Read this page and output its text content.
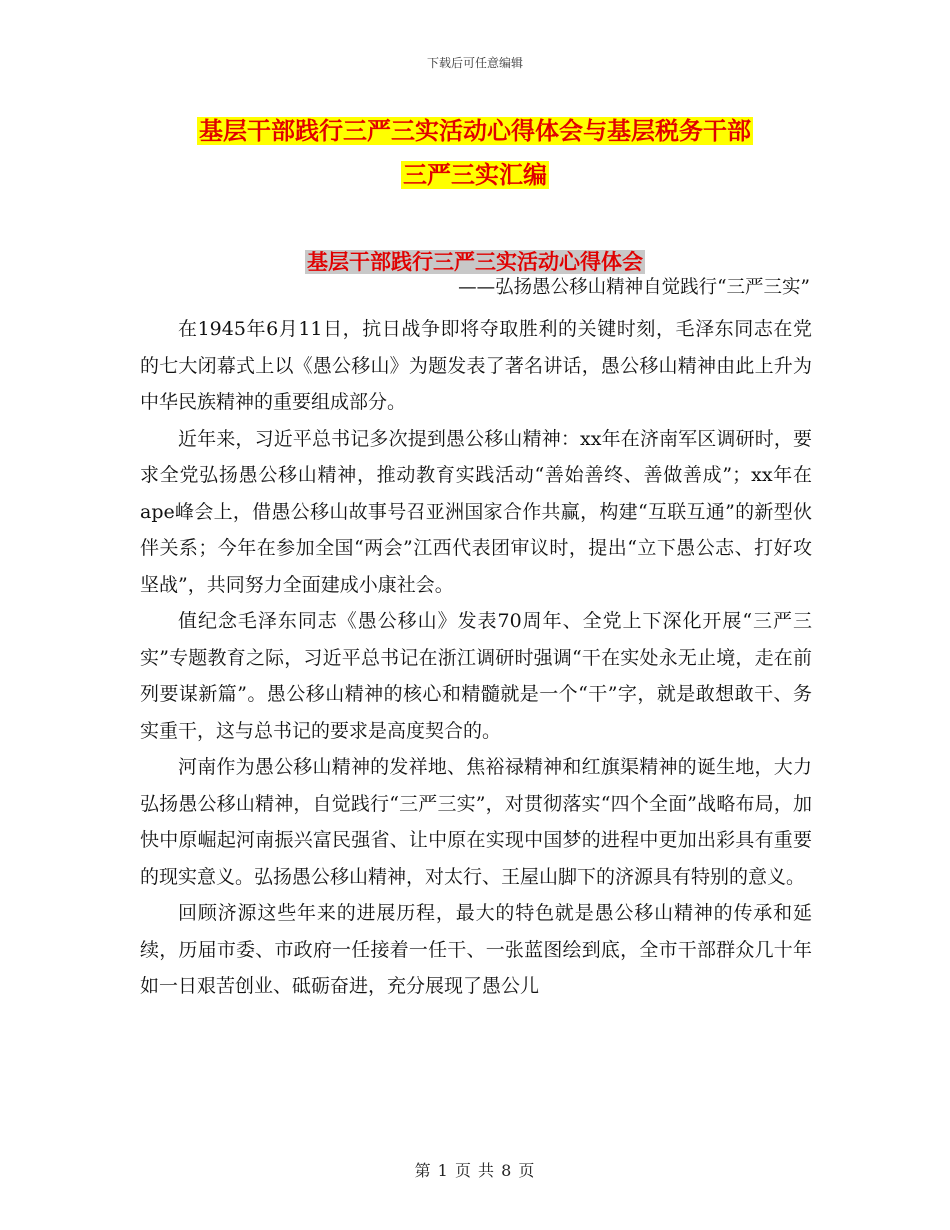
下载后可任意编辑
基层干部践行三严三实活动心得体会与基层税务干部
三严三实汇编
基层干部践行三严三实活动心得体会
——弘扬愚公移山精神自觉践行“三严三实”

在1945年6月11日，抗日战争即将夺取胜利的关键时刻，毛泽东同志在党的七大闭幕式上以《愚公移山》为题发表了著名讲话，愚公移山精神由此上升为中华民族精神的重要组成部分。

近年来，习近平总书记多次提到愚公移山精神：xx年在济南军区调研时，要求全党弘扬愚公移山精神，推动教育实践活动“善始善终、善做善成”；xx年在ape峰会上，借愚公移山故事号召亚洲国家合作共赢，构建“互联互通”的新型伙伴关系；今年在参加全国“两会”江西代表团审议时，提出“立下愚公志、打好攻坚战”，共同努力全面建成小康社会。

值纪念毛泽东同志《愚公移山》发表70周年、全党上下深化开展“三严三实”专题教育之际，习近平总书记在浙江调研时强调“干在实处永无止境，走在前列要谋新篇”。愚公移山精神的核心和精髓就是一个“干”字，就是敢想敢干、务实重干，这与总书记的要求是高度契合的。

河南作为愚公移山精神的发祥地、焦裕禄精神和红旗渠精神的诞生地，大力弘扬愚公移山精神，自觉践行“三严三实”，对贯彻落实“四个全面”战略布局，加快中原崛起河南振兴富民强省、让中原在实现中国梦的进程中更加出彩具有重要的现实意义。弘扬愚公移山精神，对太行、王屋山脚下的济源具有特别的意义。

回顾济源这些年来的进展历程，最大的特色就是愚公移山精神的传承和延续，历届市委、市政府一任接着一任干、一张蓝图绘到底，全市干部群众几十年如一日艰苦创业、砥砺奋进，充分展现了愚公儿

第 1 页 共 8 页
